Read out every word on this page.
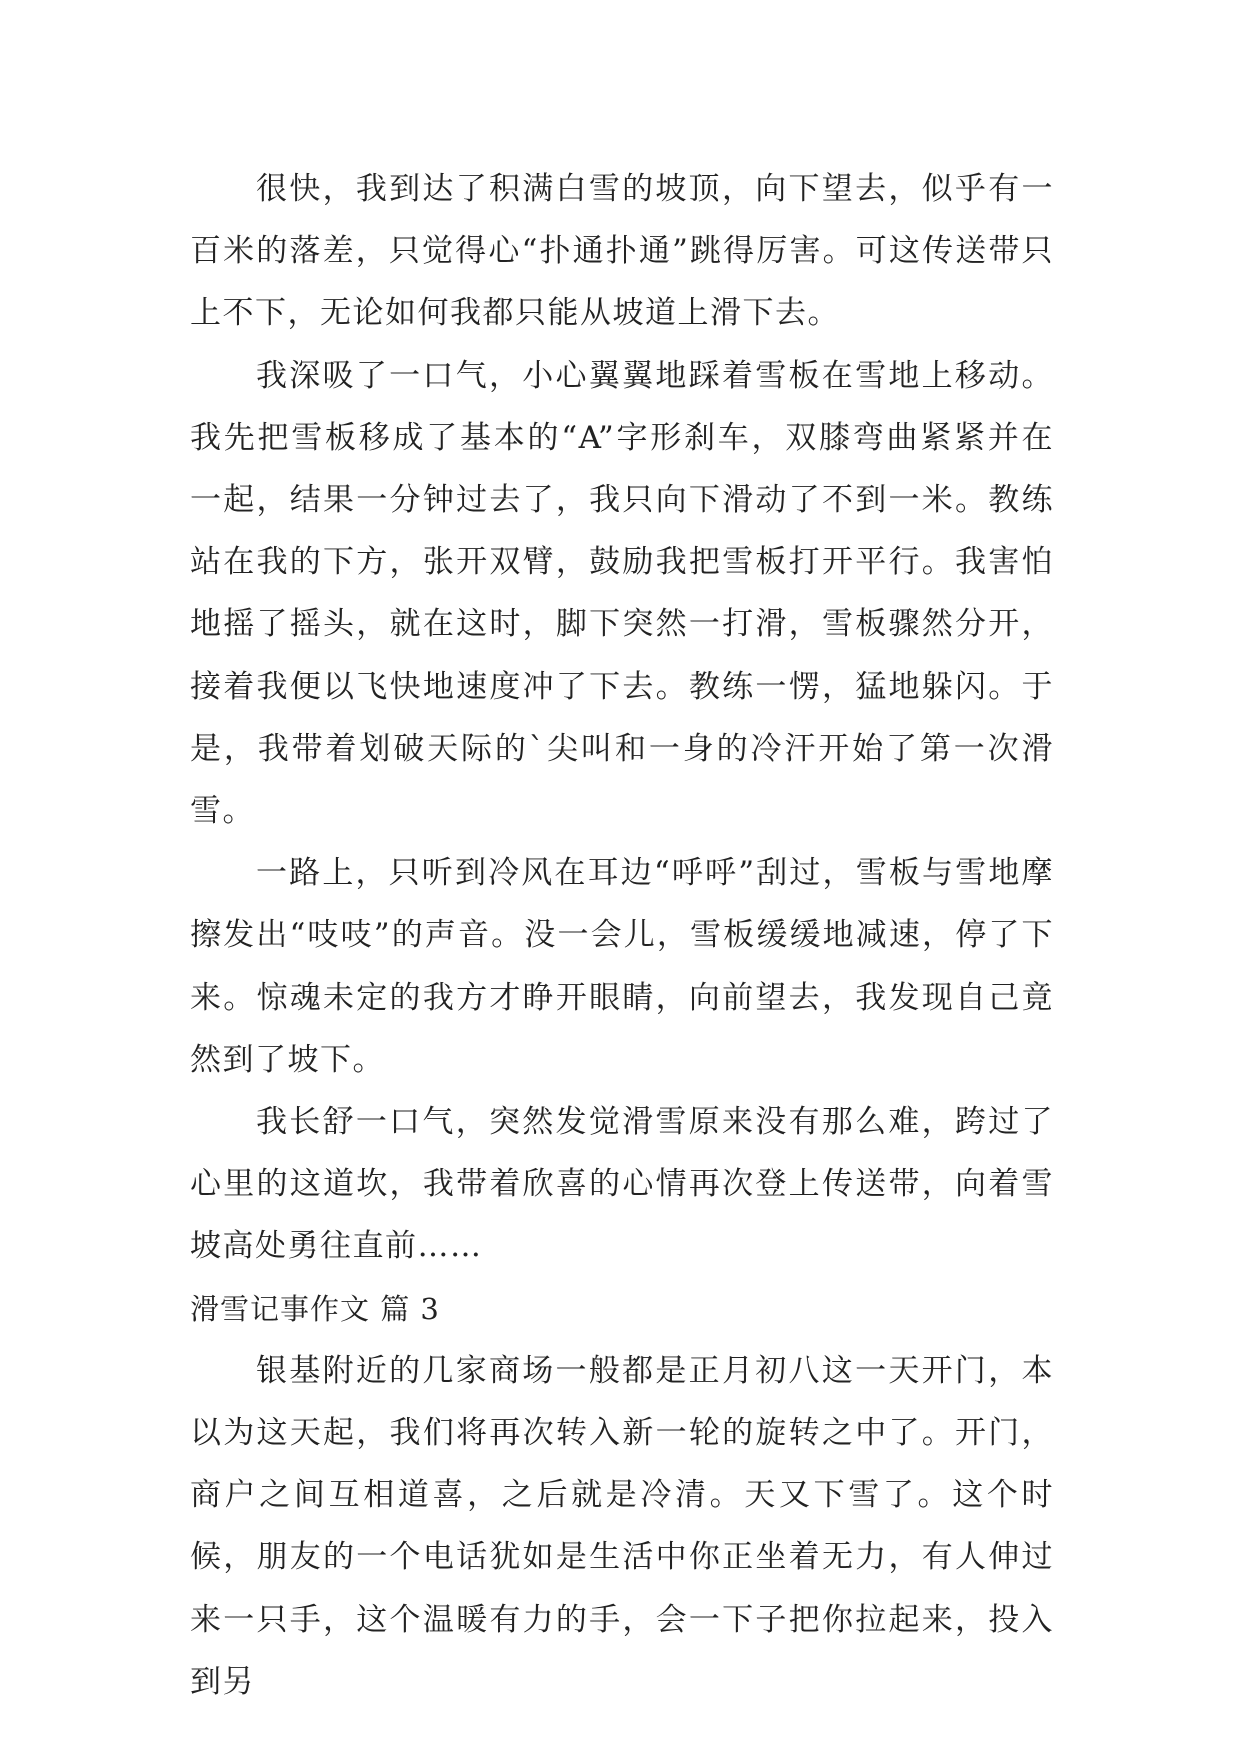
很快，我到达了积满白雪的坡顶，向下望去，似乎有一百米的落差，只觉得心“扑通扑通”跳得厉害。可这传送带只上不下，无论如何我都只能从坡道上滑下去。

我深吸了一口气，小心翼翼地踩着雪板在雪地上移动。我先把雪板移成了基本的“A”字形刹车，双膝弯曲紧紧并在一起，结果一分钟过去了，我只向下滑动了不到一米。教练站在我的下方，张开双臂，鼓励我把雪板打开平行。我害怕地摇了摇头，就在这时，脚下突然一打滑，雪板骤然分开，接着我便以飞快地速度冲了下去。教练一愣，猛地躲闪。于是，我带着划破天际的`尖叫和一身的冷汗开始了第一次滑雪。

一路上，只听到冷风在耳边“呼呼”刮过，雪板与雪地摩擦发出“吱吱”的声音。没一会儿，雪板缓缓地减速，停了下来。惊魂未定的我方才睁开眼睛，向前望去，我发现自己竟然到了坡下。

我长舒一口气，突然发觉滑雪原来没有那么难，跨过了心里的这道坎，我带着欣喜的心情再次登上传送带，向着雪坡高处勇往直前……

滑雪记事作文 篇 3

银基附近的几家商场一般都是正月初八这一天开门，本以为这天起，我们将再次转入新一轮的旋转之中了。开门，商户之间互相道喜，之后就是冷清。天又下雪了。这个时候，朋友的一个电话犹如是生活中你正坐着无力，有人伸过来一只手，这个温暖有力的手，会一下子把你拉起来，投入到另
